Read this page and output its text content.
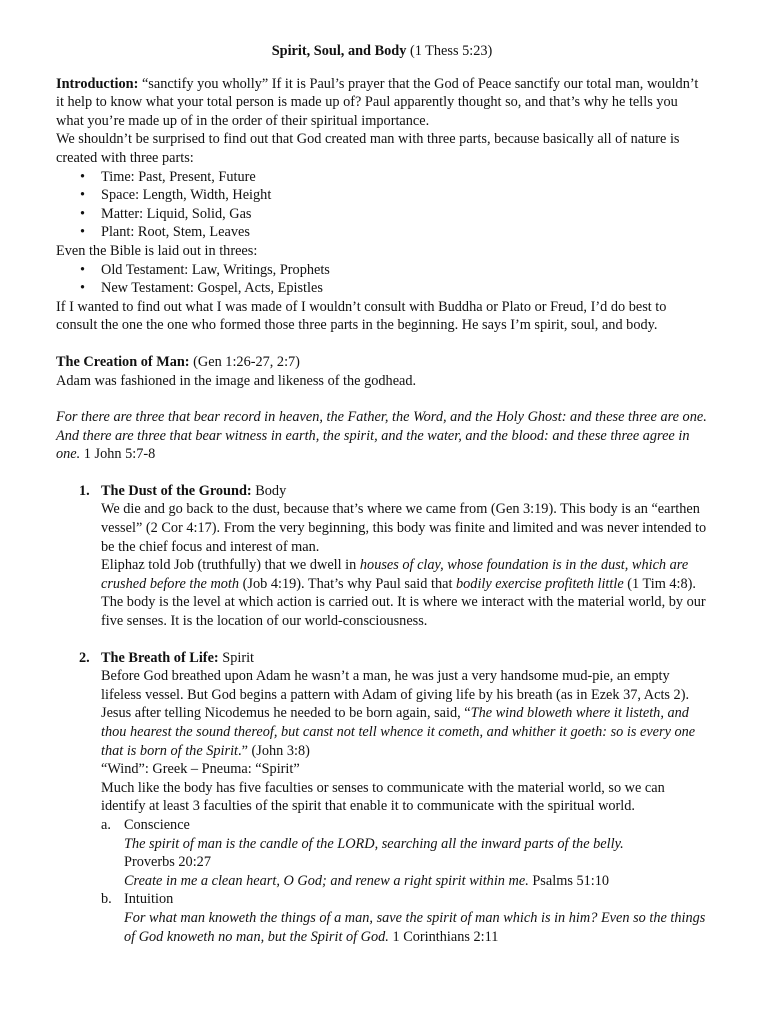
Spirit, Soul, and Body (1 Thess 5:23)

Introduction: “sanctify you wholly” If it is Paul’s prayer that the God of Peace sanctify our total man, wouldn’t it help to know what your total person is made up of? Paul apparently thought so, and that’s why he tells you what you’re made up of in the order of their spiritual importance.

We shouldn’t be surprised to find out that God created man with three parts, because basically all of nature is created with three parts:

• Time: Past, Present, Future
• Space: Length, Width, Height
• Matter: Liquid, Solid, Gas
• Plant: Root, Stem, Leaves

Even the Bible is laid out in threes:

• Old Testament: Law, Writings, Prophets
• New Testament: Gospel, Acts, Epistles

If I wanted to find out what I was made of I wouldn’t consult with Buddha or Plato or Freud, I’d do best to consult the one the one who formed those three parts in the beginning. He says I’m spirit, soul, and body.

The Creation of Man: (Gen 1:26-27, 2:7)

Adam was fashioned in the image and likeness of the godhead.

For there are three that bear record in heaven, the Father, the Word, and the Holy Ghost: and these three are one. And there are three that bear witness in earth, the spirit, and the water, and the blood: and these three agree in one. 1 John 5:7-8

1. The Dust of the Ground: Body

We die and go back to the dust, because that’s where we came from (Gen 3:19). This body is an “earthen vessel” (2 Cor 4:17). From the very beginning, this body was finite and limited and was never intended to be the chief focus and interest of man.

Eliphaz told Job (truthfully) that we dwell in houses of clay, whose foundation is in the dust, which are crushed before the moth (Job 4:19). That’s why Paul said that bodily exercise profiteth little (1 Tim 4:8).

The body is the level at which action is carried out. It is where we interact with the material world, by our five senses. It is the location of our world-consciousness.

2. The Breath of Life: Spirit

Before God breathed upon Adam he wasn’t a man, he was just a very handsome mud-pie, an empty lifeless vessel. But God begins a pattern with Adam of giving life by his breath (as in Ezek 37, Acts 2).

Jesus after telling Nicodemus he needed to be born again, said, “The wind bloweth where it listeth, and thou hearest the sound thereof, but canst not tell whence it cometh, and whither it goeth: so is every one that is born of the Spirit.” (John 3:8)

“Wind”: Greek – Pneuma: “Spirit”

Much like the body has five faculties or senses to communicate with the material world, so we can identify at least 3 faculties of the spirit that enable it to communicate with the spiritual world.

a. Conscience

The spirit of man is the candle of the LORD, searching all the inward parts of the belly.

Proverbs 20:27

Create in me a clean heart, O God; and renew a right spirit within me. Psalms 51:10

b. Intuition

For what man knoweth the things of a man, save the spirit of man which is in him? Even so the things of God knoweth no man, but the Spirit of God. 1 Corinthians 2:11
